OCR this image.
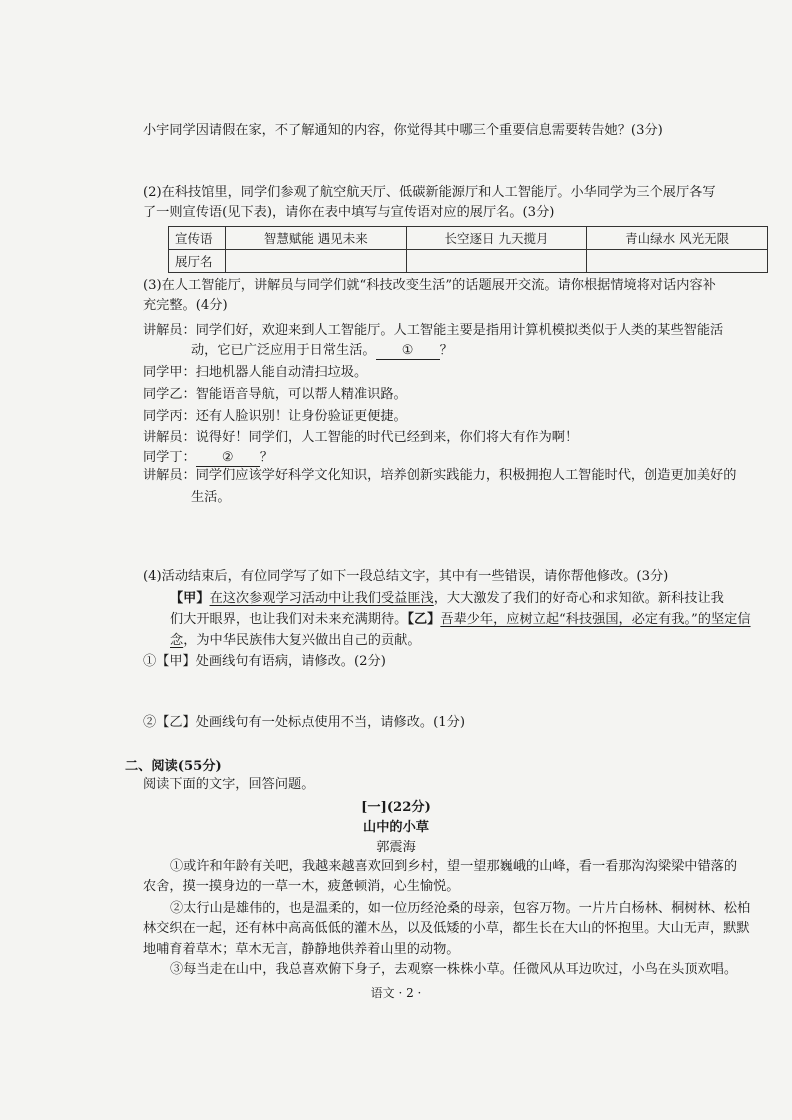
小宇同学因请假在家，不了解通知的内容，你觉得其中哪三个重要信息需要转告她？(3分)
(2)在科技馆里，同学们参观了航空航天厅、低碳新能源厅和人工智能厅。小华同学为三个展厅各写
了一则宣传语(见下表)，请你在表中填写与宣传语对应的展厅名。(3分)
宣传语	智慧赋能 遇见未来	长空逐日 九天揽月	青山绿水 风光无限
展厅名			
(3)在人工智能厅，讲解员与同学们就“科技改变生活”的话题展开交流。请你根据情境将对话内容补
充完整。(4分)
讲解员：同学们好，欢迎来到人工智能厅。人工智能主要是指用计算机模拟类似于人类的某些智能活
动，它已广泛应用于日常生活。 ① ？
同学甲：扫地机器人能自动清扫垃圾。
同学乙：智能语音导航，可以帮人精准识路。
同学丙：还有人脸识别！让身份验证更便捷。
讲解员：说得好！同学们，人工智能的时代已经到来，你们将大有作为啊！
同学丁： ② ？
讲解员：同学们应该学好科学文化知识，培养创新实践能力，积极拥抱人工智能时代，创造更加美好的
生活。
(4)活动结束后，有位同学写了如下一段总结文字，其中有一些错误，请你帮他修改。(3分)
【甲】在这次参观学习活动中让我们受益匪浅，大大激发了我们的好奇心和求知欲。新科技让我
们大开眼界，也让我们对未来充满期待。【乙】吾辈少年，应树立起“科技强国，必定有我。”的坚定信
念，为中华民族伟大复兴做出自己的贡献。
①【甲】处画线句有语病，请修改。(2分)
②【乙】处画线句有一处标点使用不当，请修改。(1分)
二、阅读(55分)
阅读下面的文字，回答问题。
[一](22分)
山中的小草
郭震海
①或许和年龄有关吧，我越来越喜欢回到乡村，望一望那巍峨的山峰，看一看那沟沟梁梁中错落的
农舍，摸一摸身边的一草一木，疲惫顿消，心生愉悦。
②太行山是雄伟的，也是温柔的，如一位历经沧桑的母亲，包容万物。一片片白杨林、桐树林、松柏
林交织在一起，还有林中高高低低的灌木丛，以及低矮的小草，都生长在大山的怀抱里。大山无声，默默
地哺育着草木；草木无言，静静地供养着山里的动物。
③每当走在山中，我总喜欢俯下身子，去观察一株株小草。任微风从耳边吹过，小鸟在头顶欢唱。
语文 · 2 ·
